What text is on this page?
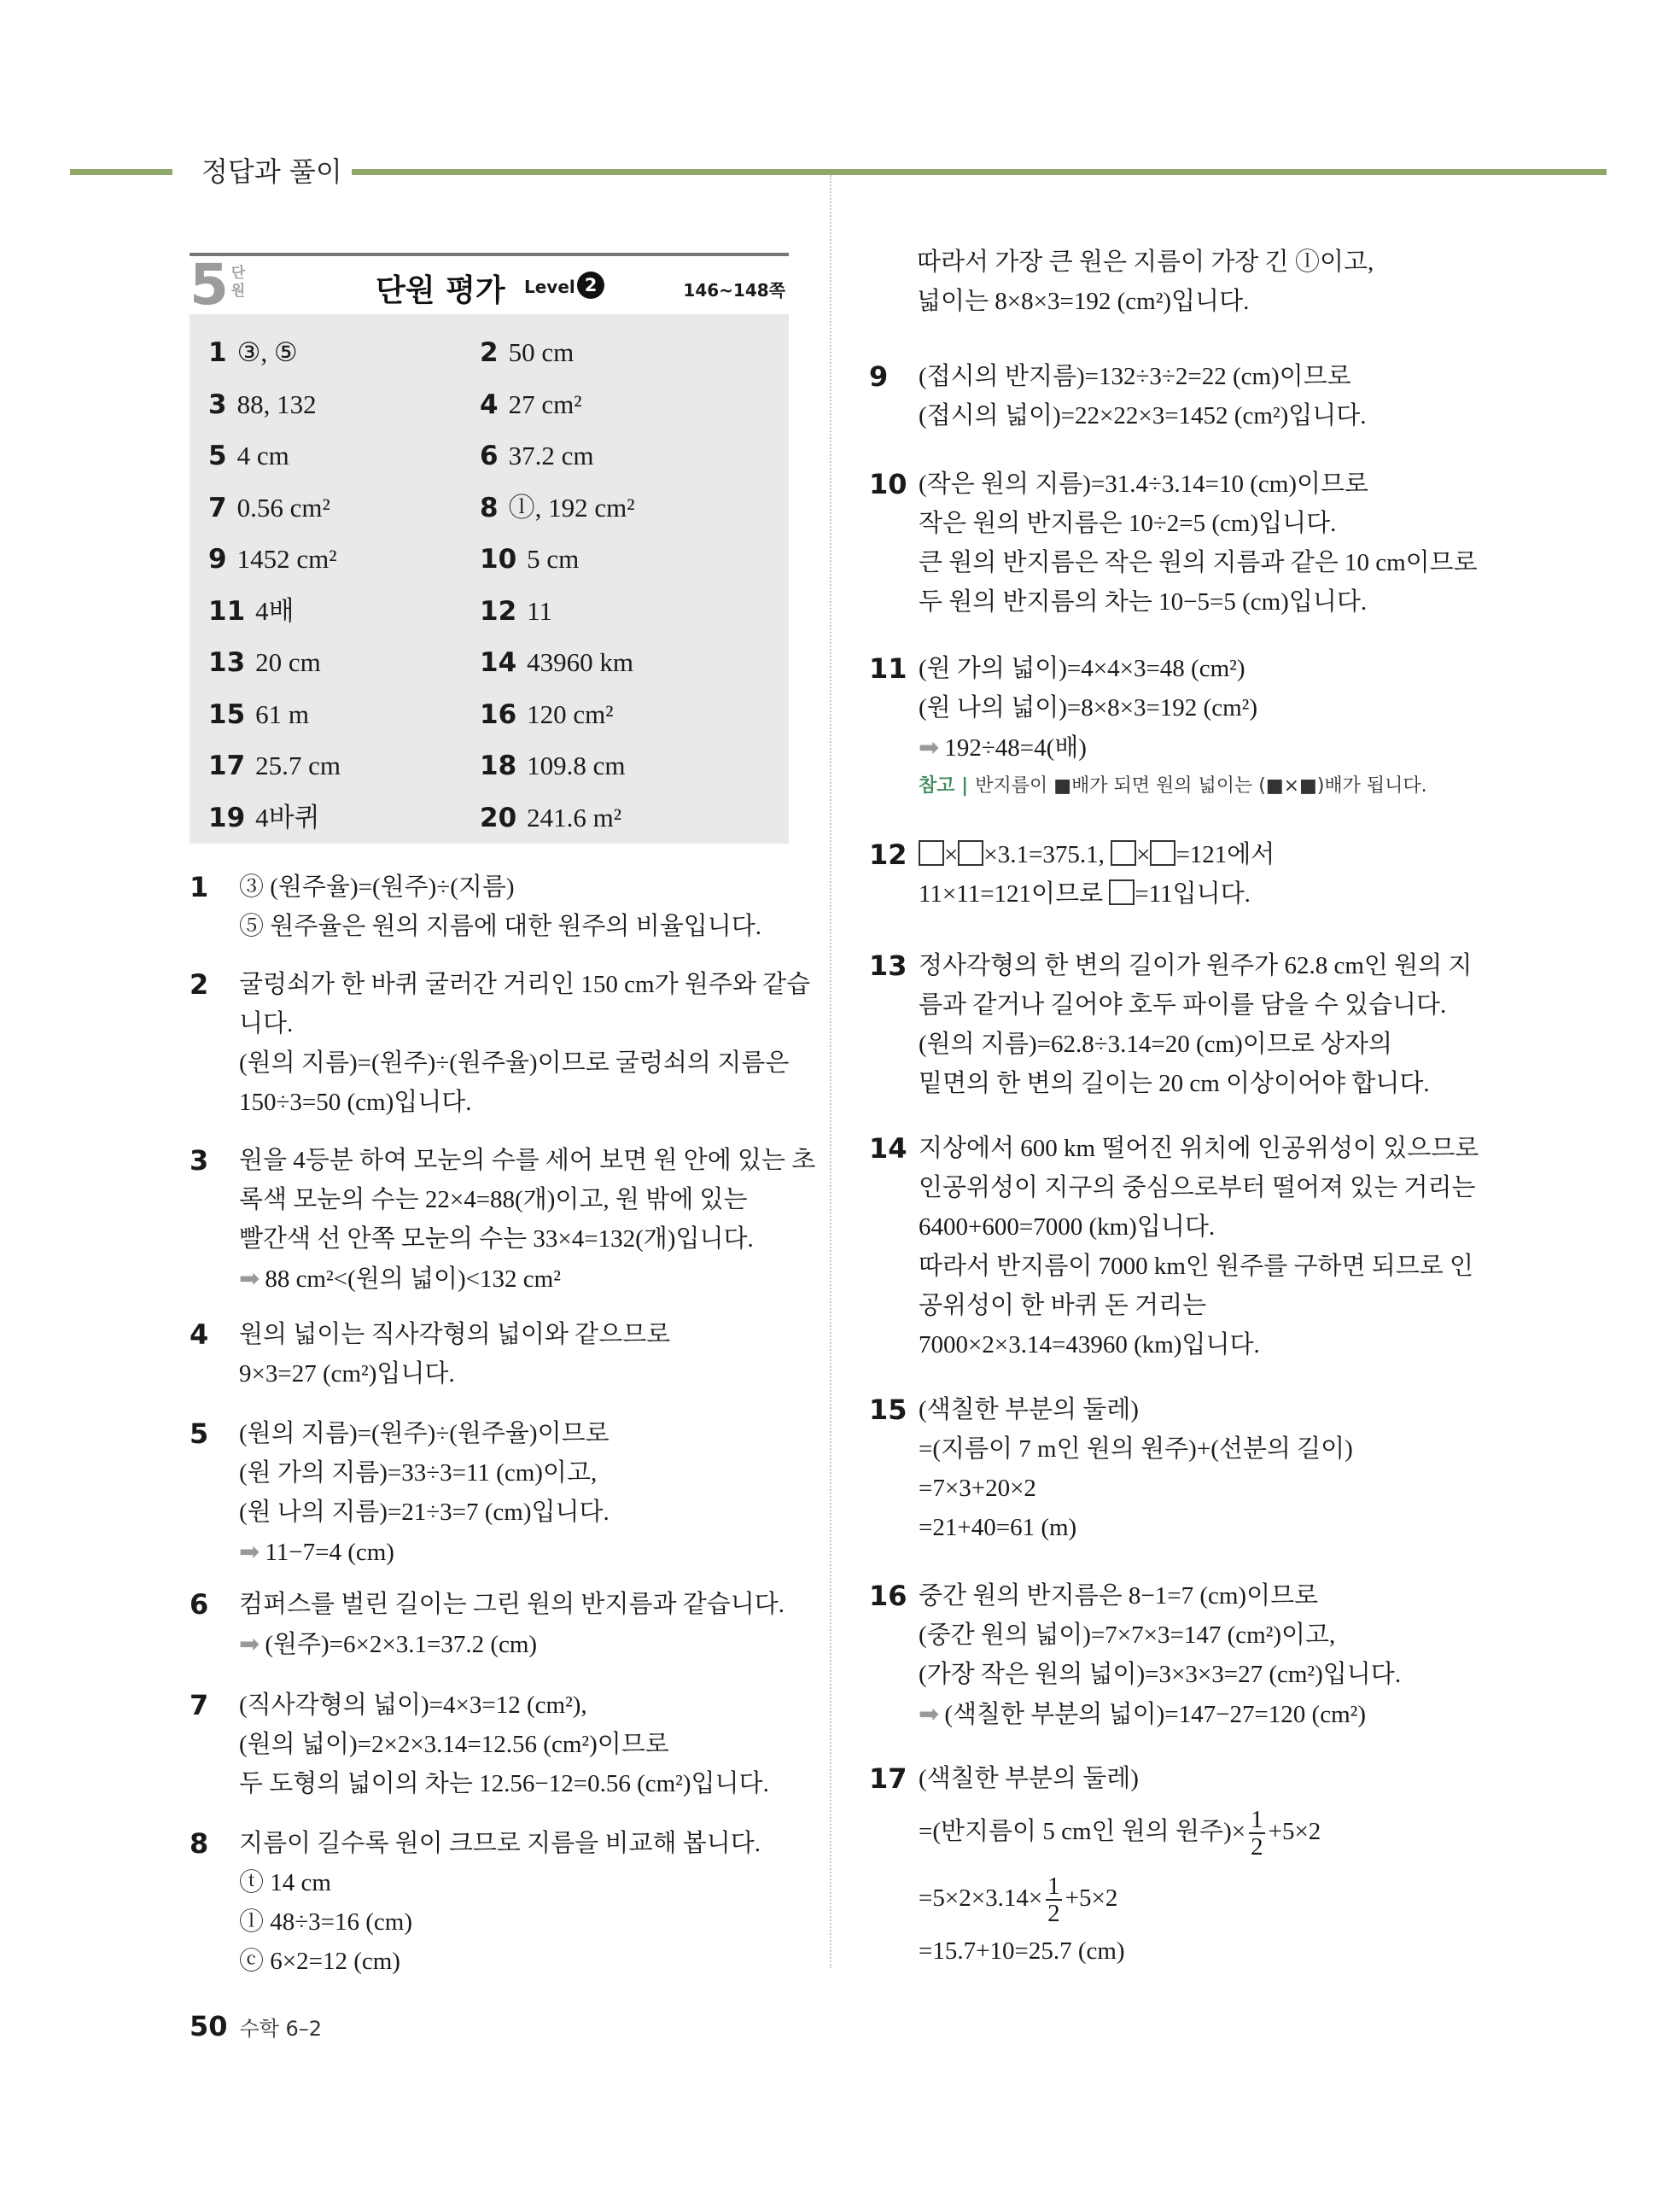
정답과 풀이
5 단
원	단원 평가 Level 2	146~148쪽
1 ③, ⑤	2 50 cm
3 88, 132	4 27 cm²
5 4 cm	6 37.2 cm
7 0.56 cm²	8 ⓛ, 192 cm²
9 1452 cm²	10 5 cm
11 4배	12 11
13 20 cm	14 43960 km
15 61 m	16 120 cm²
17 25.7 cm	18 109.8 cm
19 4바퀴	20 241.6 m²
1 ③ (원주율)=(원주)÷(지름)
⑤ 원주율은 원의 지름에 대한 원주의 비율입니다.
2 굴렁쇠가 한 바퀴 굴러간 거리인 150 cm가 원주와 같습
니다.
(원의 지름)=(원주)÷(원주율)이므로 굴렁쇠의 지름은
150÷3=50 (cm)입니다.
3 원을 4등분 하여 모눈의 수를 세어 보면 원 안에 있는 초
록색 모눈의 수는 22×4=88(개)이고, 원 밖에 있는
빨간색 선 안쪽 모눈의 수는 33×4=132(개)입니다.
➡ 88 cm²<(원의 넓이)<132 cm²
4 원의 넓이는 직사각형의 넓이와 같으므로
9×3=27 (cm²)입니다.
5 (원의 지름)=(원주)÷(원주율)이므로
(원 가의 지름)=33÷3=11 (cm)이고,
(원 나의 지름)=21÷3=7 (cm)입니다.
➡ 11−7=4 (cm)
6 컴퍼스를 벌린 길이는 그린 원의 반지름과 같습니다.
➡ (원주)=6×2×3.1=37.2 (cm)
7 (직사각형의 넓이)=4×3=12 (cm²),
(원의 넓이)=2×2×3.14=12.56 (cm²)이므로
두 도형의 넓이의 차는 12.56−12=0.56 (cm²)입니다.
8 지름이 길수록 원이 크므로 지름을 비교해 봅니다.
ⓣ 14 cm
ⓛ 48÷3=16 (cm)
ⓒ 6×2=12 (cm)
따라서 가장 큰 원은 지름이 가장 긴 ⓛ이고,
넓이는 8×8×3=192 (cm²)입니다.
9 (접시의 반지름)=132÷3÷2=22 (cm)이므로
(접시의 넓이)=22×22×3=1452 (cm²)입니다.
10 (작은 원의 지름)=31.4÷3.14=10 (cm)이므로
작은 원의 반지름은 10÷2=5 (cm)입니다.
큰 원의 반지름은 작은 원의 지름과 같은 10 cm이므로
두 원의 반지름의 차는 10−5=5 (cm)입니다.
11 (원 가의 넓이)=4×4×3=48 (cm²)
(원 나의 넓이)=8×8×3=192 (cm²)
➡ 192÷48=4(배)
참고 | 반지름이 ■배가 되면 원의 넓이는 (■×■)배가 됩니다.
13 정사각형의 한 변의 길이가 원주가 62.8 cm인 원의 지
름과 같거나 길어야 호두 파이를 담을 수 있습니다.
(원의 지름)=62.8÷3.14=20 (cm)이므로 상자의
밑면의 한 변의 길이는 20 cm 이상이어야 합니다.
14 지상에서 600 km 떨어진 위치에 인공위성이 있으므로
인공위성이 지구의 중심으로부터 떨어져 있는 거리는
6400+600=7000 (km)입니다.
따라서 반지름이 7000 km인 원주를 구하면 되므로 인
공위성이 한 바퀴 돈 거리는
7000×2×3.14=43960 (km)입니다.
15 (색칠한 부분의 둘레)
=(지름이 7 m인 원의 원주)+(선분의 길이)
=7×3+20×2
=21+40=61 (m)
16 중간 원의 반지름은 8−1=7 (cm)이므로
(중간 원의 넓이)=7×7×3=147 (cm²)이고,
(가장 작은 원의 넓이)=3×3×3=27 (cm²)입니다.
➡ (색칠한 부분의 넓이)=147−27=120 (cm²)
12	× ×3.1=375.1, × =121에서
11×11=121이므로 =11입니다.
17 (색칠한 부분의 둘레)
=(반지름이 5 cm인 원의 원주)× $\frac{1}{2} +5\times 2$
$=5\times 2\times 3.14\times \frac{1}{2} +5\times 2$
=15.7+10=25.7 (cm)
50 수학 6–2
